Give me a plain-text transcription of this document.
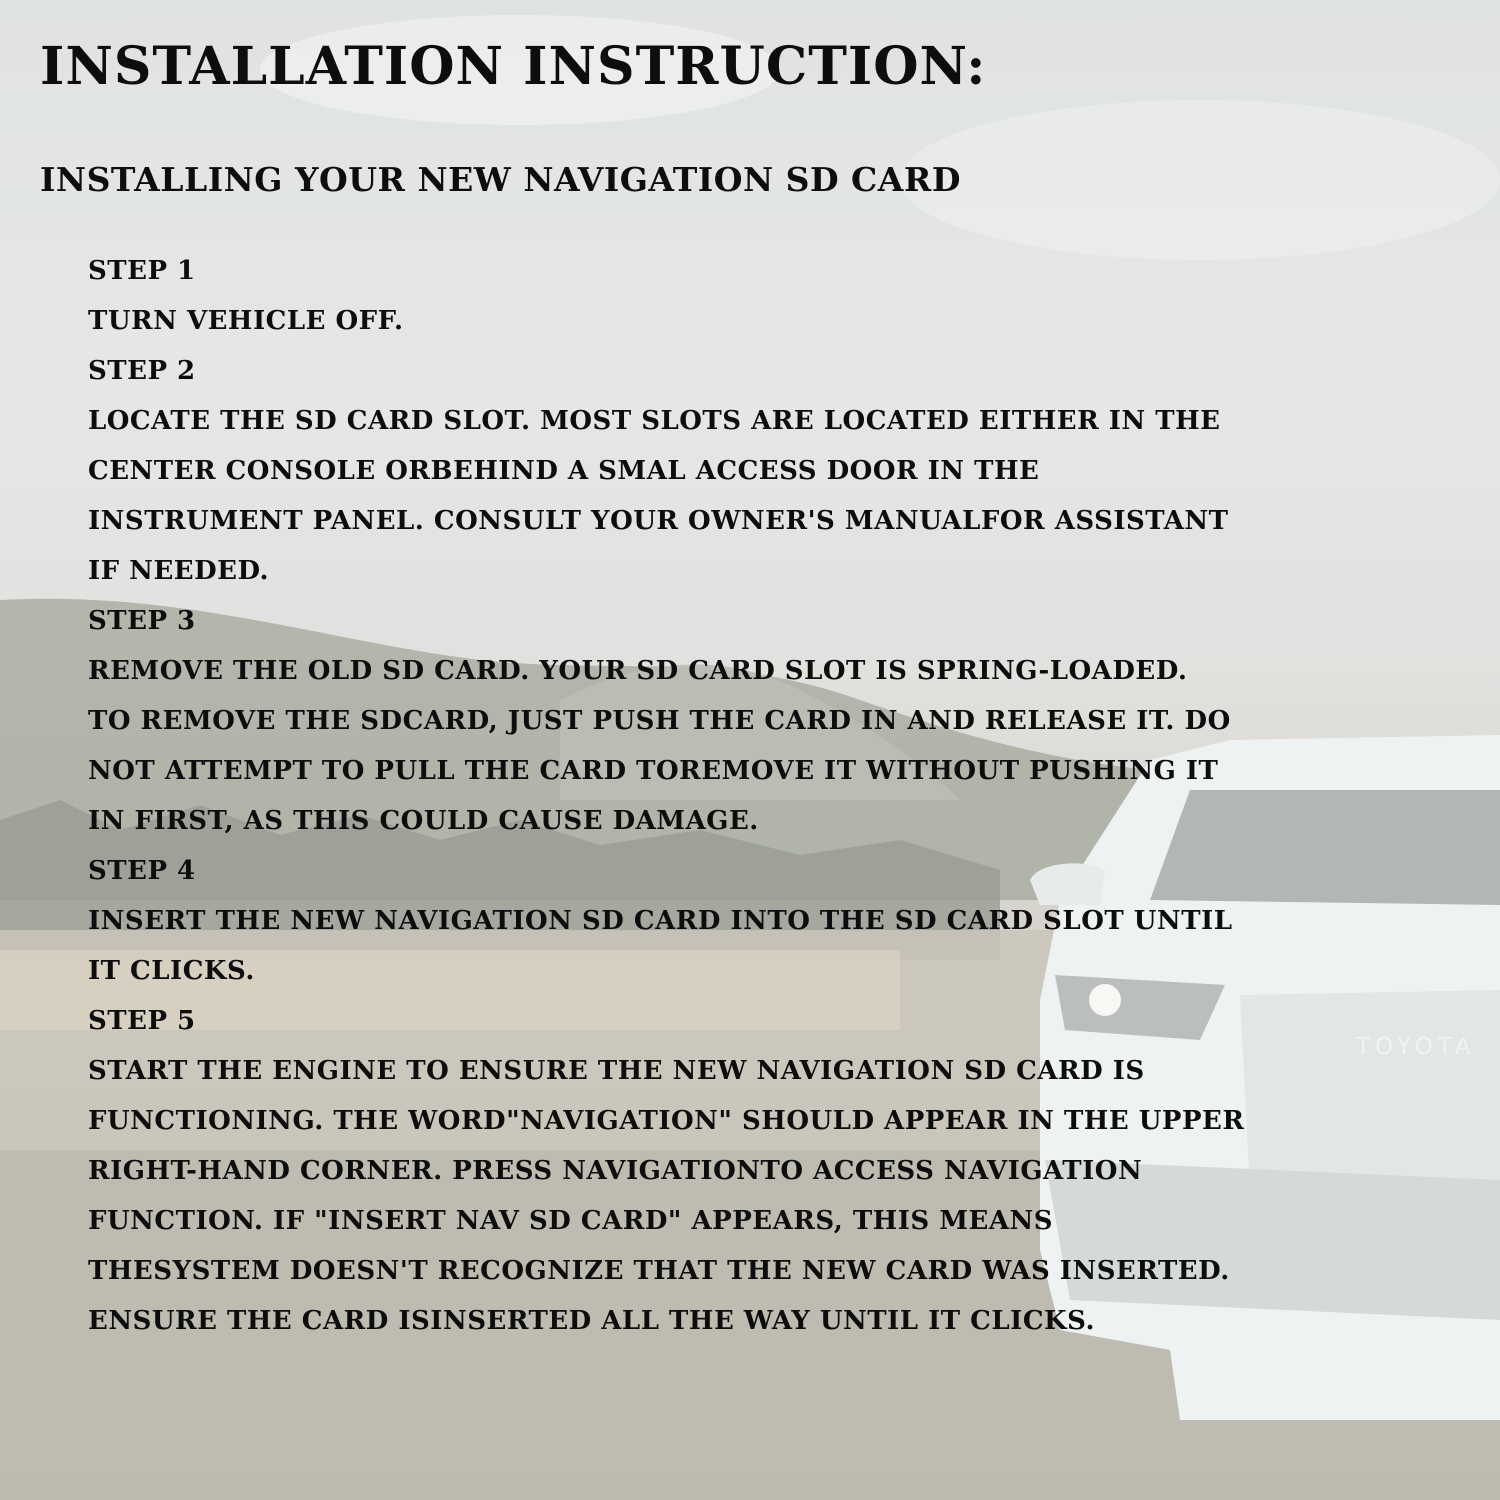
TOYOTA
INSTALLATION INSTRUCTION:
INSTALLING YOUR NEW NAVIGATION SD CARD
STEP 1
TURN VEHICLE OFF.
STEP 2
LOCATE THE SD CARD SLOT. MOST SLOTS ARE LOCATED EITHER IN THE
CENTER CONSOLE ORBEHIND A SMAL ACCESS DOOR IN THE
INSTRUMENT PANEL. CONSULT YOUR OWNER'S MANUALFOR ASSISTANT
IF NEEDED.
STEP 3
REMOVE THE OLD SD CARD. YOUR SD CARD SLOT IS SPRING-LOADED.
TO REMOVE THE SDCARD, JUST PUSH THE CARD IN AND RELEASE IT. DO
NOT ATTEMPT TO PULL THE CARD TOREMOVE IT WITHOUT PUSHING IT
IN FIRST, AS THIS COULD CAUSE DAMAGE.
STEP 4
INSERT THE NEW NAVIGATION SD CARD INTO THE SD CARD SLOT UNTIL
IT CLICKS.
STEP 5
START THE ENGINE TO ENSURE THE NEW NAVIGATION SD CARD IS
FUNCTIONING. THE WORD"NAVIGATION" SHOULD APPEAR IN THE UPPER
RIGHT-HAND CORNER. PRESS NAVIGATIONTO ACCESS NAVIGATION
FUNCTION. IF "INSERT NAV SD CARD" APPEARS, THIS MEANS
THESYSTEM DOESN'T RECOGNIZE THAT THE NEW CARD WAS INSERTED.
ENSURE THE CARD ISINSERTED ALL THE WAY UNTIL IT CLICKS.
